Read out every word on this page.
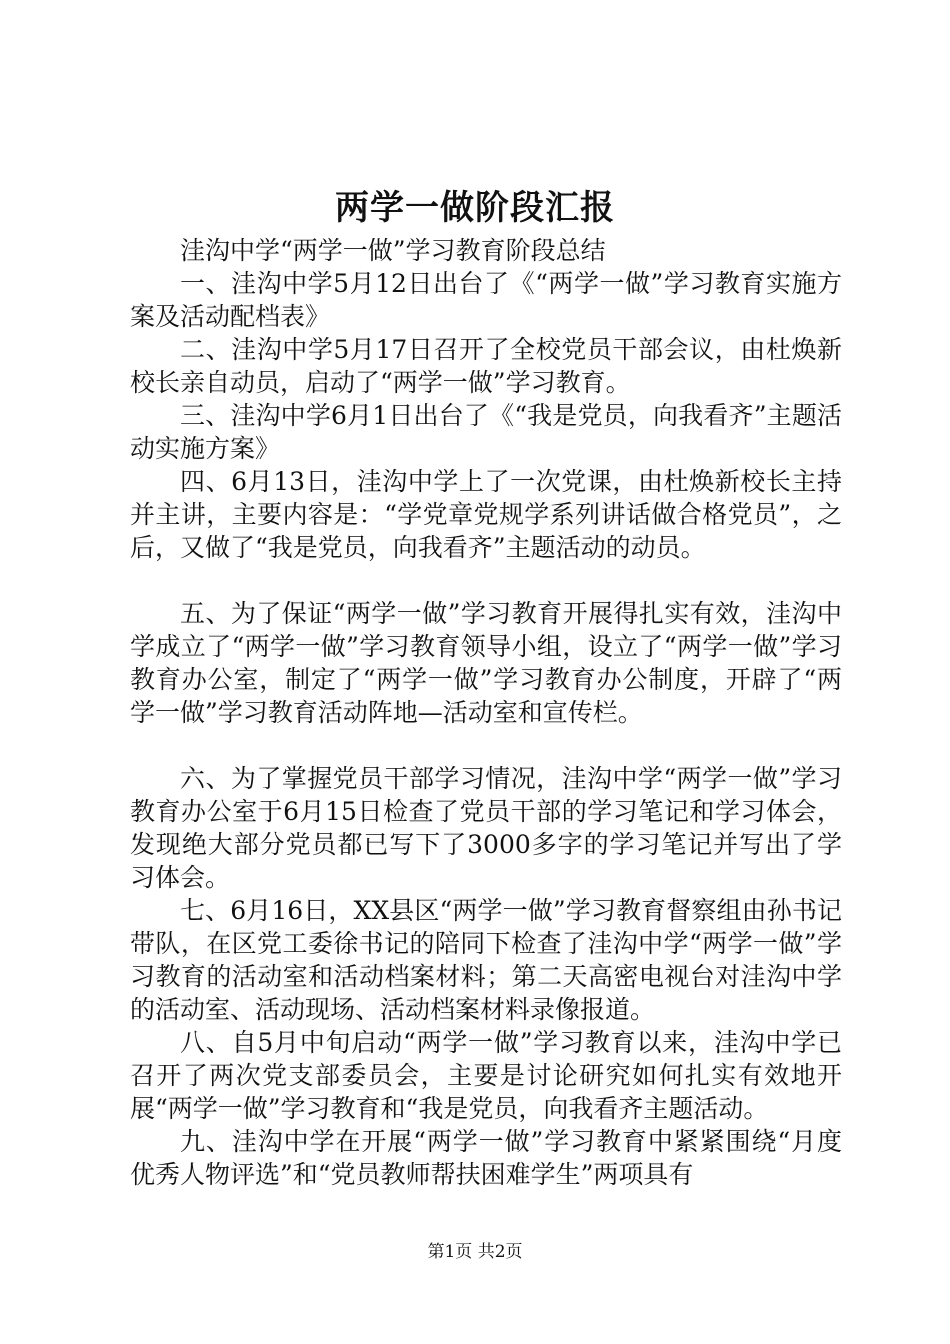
两学一做阶段汇报

洼沟中学“两学一做”学习教育阶段总结

一、洼沟中学5月12日出台了《“两学一做”学习教育实施方案及活动配档表》

二、洼沟中学5月17日召开了全校党员干部会议，由杜焕新校长亲自动员，启动了“两学一做”学习教育。

三、洼沟中学6月1日出台了《“我是党员，向我看齐”主题活动实施方案》

四、6月13日，洼沟中学上了一次党课，由杜焕新校长主持并主讲，主要内容是：“学党章党规学系列讲话做合格党员”，之后，又做了“我是党员，向我看齐”主题活动的动员。

五、为了保证“两学一做”学习教育开展得扎实有效，洼沟中学成立了“两学一做”学习教育领导小组，设立了“两学一做”学习教育办公室，制定了“两学一做”学习教育办公制度，开辟了“两学一做”学习教育活动阵地—活动室和宣传栏。

六、为了掌握党员干部学习情况，洼沟中学“两学一做”学习教育办公室于6月15日检查了党员干部的学习笔记和学习体会，发现绝大部分党员都已写下了3000多字的学习笔记并写出了学习体会。

七、6月16日，XX县区“两学一做”学习教育督察组由孙书记带队，在区党工委徐书记的陪同下检查了洼沟中学“两学一做”学习教育的活动室和活动档案材料；第二天高密电视台对洼沟中学的活动室、活动现场、活动档案材料录像报道。

八、自5月中旬启动“两学一做”学习教育以来，洼沟中学已召开了两次党支部委员会，主要是讨论研究如何扎实有效地开展“两学一做”学习教育和“我是党员，向我看齐主题活动。

九、洼沟中学在开展“两学一做”学习教育中紧紧围绕“月度优秀人物评选”和“党员教师帮扶困难学生”两项具有

第1页 共2页
